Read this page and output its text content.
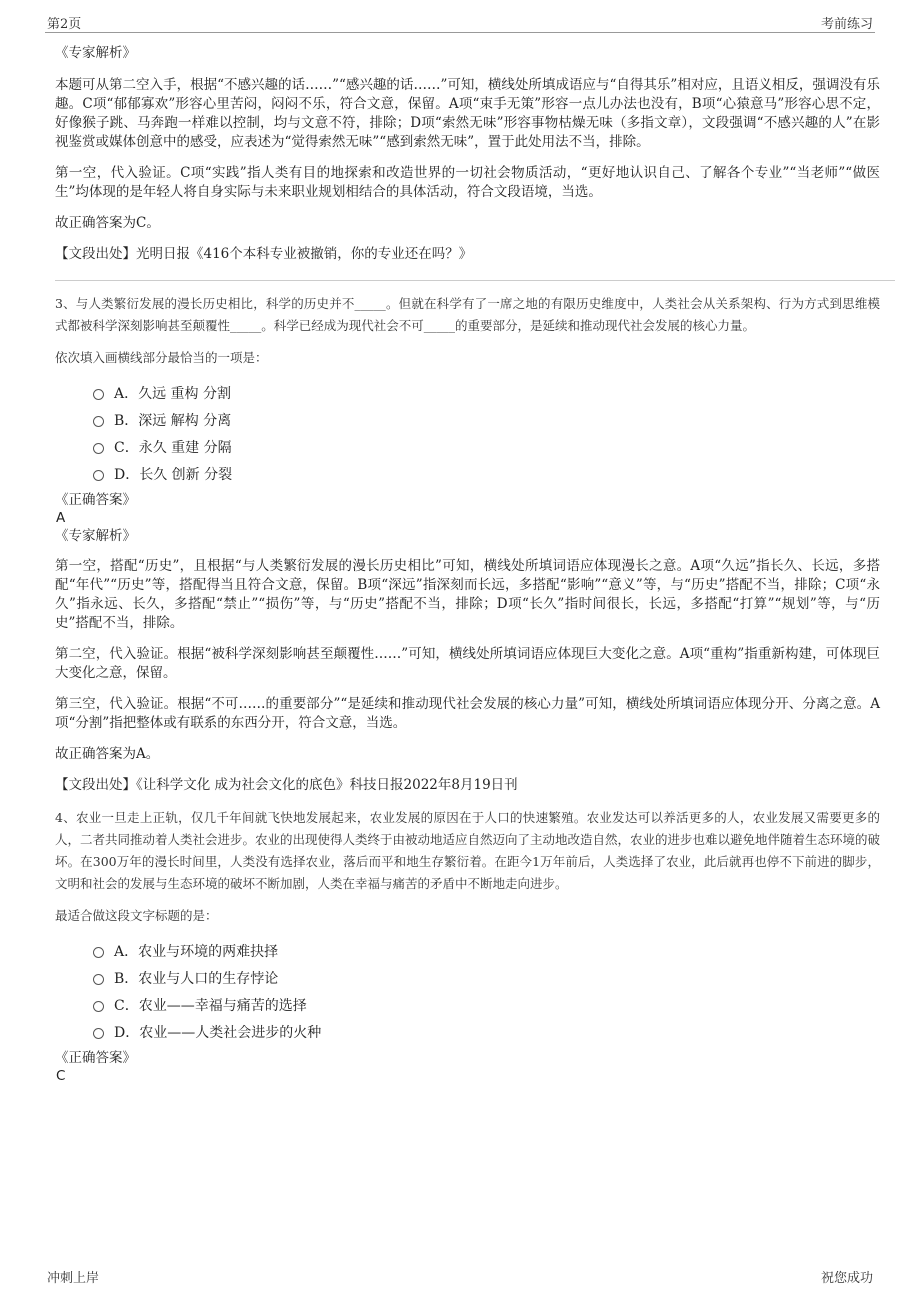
第2页	考前练习

《专家解析》

本题可从第二空入手，根据“不感兴趣的话……”“感兴趣的话……”可知，横线处所填成语应与“自得其乐”相对应，且语义相反，强调没有乐趣。C项“郁郁寡欢”形容心里苦闷，闷闷不乐，符合文意，保留。A项“束手无策”形容一点儿办法也没有，B项“心猿意马”形容心思不定，好像猴子跳、马奔跑一样难以控制，均与文意不符，排除；D项“索然无味”形容事物枯燥无味（多指文章），文段强调“不感兴趣的人”在影视鉴赏或媒体创意中的感受，应表述为“觉得索然无味”“感到索然无味”，置于此处用法不当，排除。

第一空，代入验证。C项“实践”指人类有目的地探索和改造世界的一切社会物质活动，“更好地认识自己、了解各个专业”“当老师”“做医生”均体现的是年轻人将自身实际与未来职业规划相结合的具体活动，符合文段语境，当选。

故正确答案为C。

【文段出处】光明日报《416个本科专业被撤销，你的专业还在吗？》

3、与人类繁衍发展的漫长历史相比，科学的历史并不_____。但就在科学有了一席之地的有限历史维度中，人类社会从关系架构、行为方式到思维模式都被科学深刻影响甚至颠覆性_____。科学已经成为现代社会不可_____的重要部分，是延续和推动现代社会发展的核心力量。

依次填入画横线部分最恰当的一项是：

A．久远 重构 分割
B．深远 解构 分离
C．永久 重建 分隔
D．长久 创新 分裂

《正确答案》

A

《专家解析》

第一空，搭配“历史”，且根据“与人类繁衍发展的漫长历史相比”可知，横线处所填词语应体现漫长之意。A项“久远”指长久、长远，多搭配“年代”“历史”等，搭配得当且符合文意，保留。B项“深远”指深刻而长远，多搭配“影响”“意义”等，与“历史”搭配不当，排除；C项“永久”指永远、长久，多搭配“禁止”“损伤”等，与“历史”搭配不当，排除；D项“长久”指时间很长，长远，多搭配“打算”“规划”等，与“历史”搭配不当，排除。

第二空，代入验证。根据“被科学深刻影响甚至颠覆性……”可知，横线处所填词语应体现巨大变化之意。A项“重构”指重新构建，可体现巨大变化之意，保留。

第三空，代入验证。根据“不可……的重要部分”“是延续和推动现代社会发展的核心力量”可知，横线处所填词语应体现分开、分离之意。A项“分割”指把整体或有联系的东西分开，符合文意，当选。

故正确答案为A。

【文段出处】《让科学文化 成为社会文化的底色》科技日报2022年8月19日刊

4、农业一旦走上正轨，仅几千年间就飞快地发展起来，农业发展的原因在于人口的快速繁殖。农业发达可以养活更多的人，农业发展又需要更多的人，二者共同推动着人类社会进步。农业的出现使得人类终于由被动地适应自然迈向了主动地改造自然，农业的进步也难以避免地伴随着生态环境的破坏。在300万年的漫长时间里，人类没有选择农业，落后而平和地生存繁衍着。在距今1万年前后，人类选择了农业，此后就再也停不下前进的脚步，文明和社会的发展与生态环境的破坏不断加剧，人类在幸福与痛苦的矛盾中不断地走向进步。

最适合做这段文字标题的是：

A．农业与环境的两难抉择
B．农业与人口的生存悖论
C．农业——幸福与痛苦的选择
D．农业——人类社会进步的火种

《正确答案》

C

冲刺上岸	祝您成功
